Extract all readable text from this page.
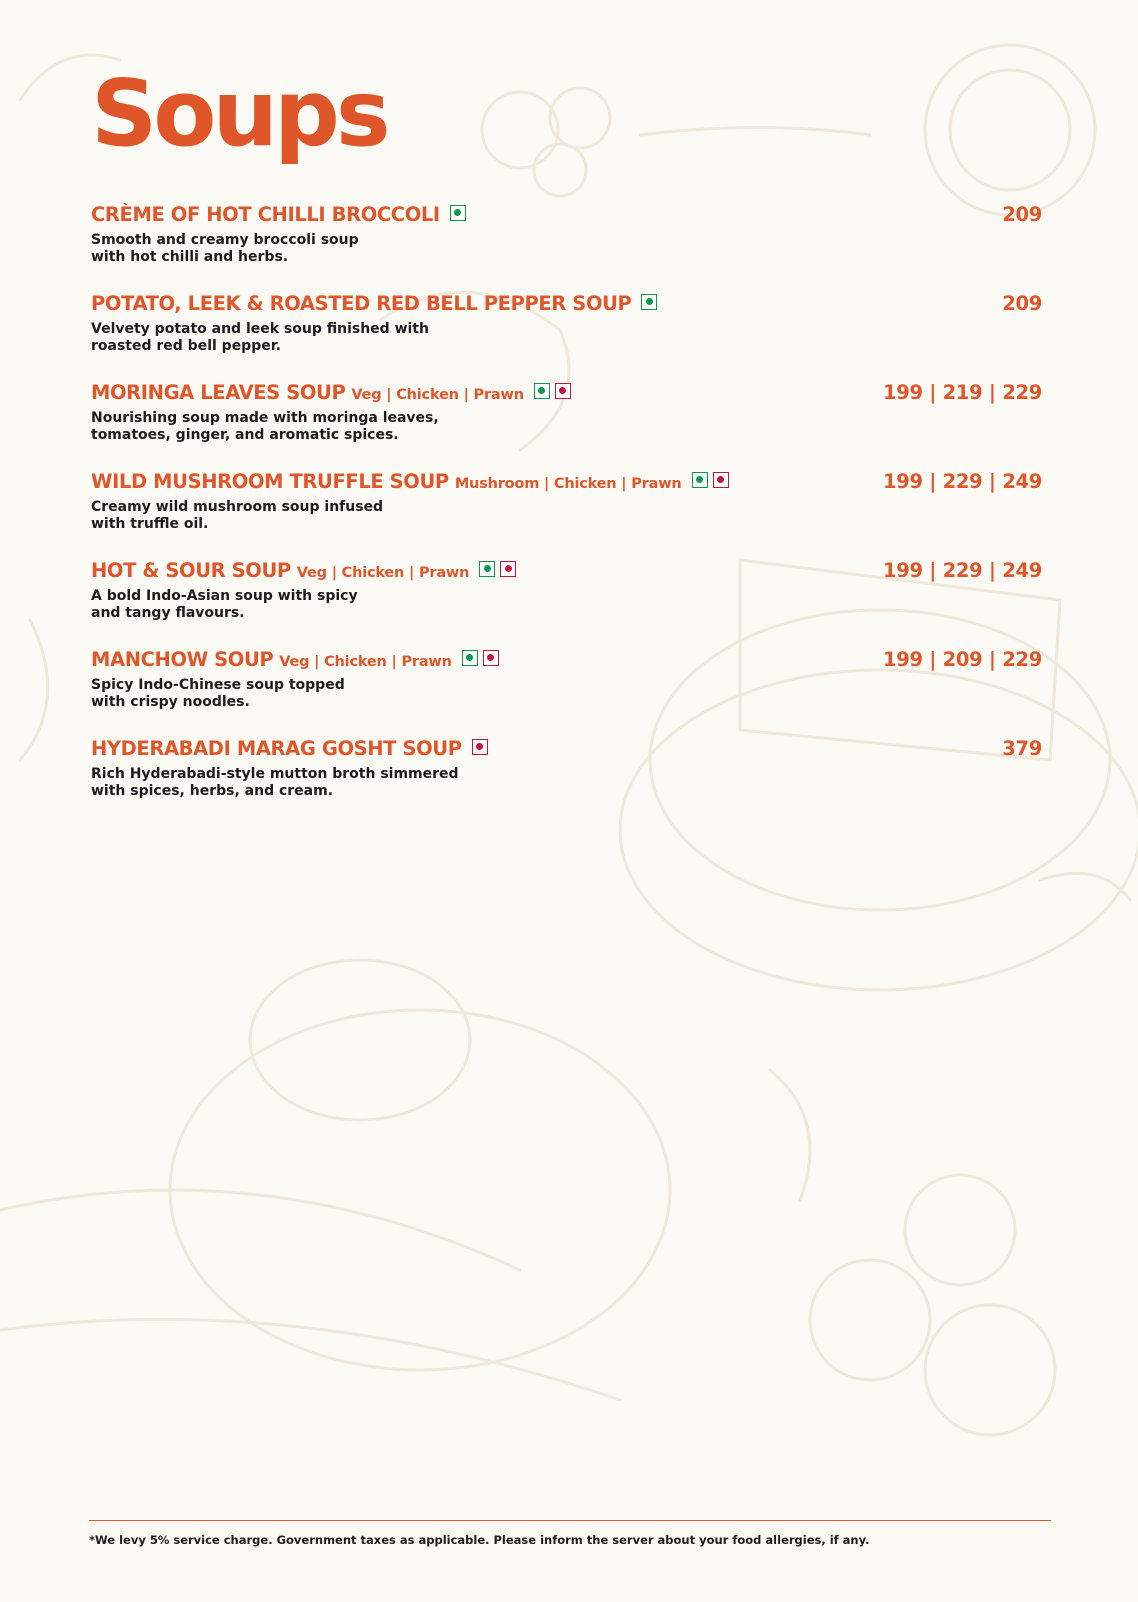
Soups
CRÈME OF HOT CHILLI BROCCOLI
Smooth and creamy broccoli soup
with hot chilli and herbs.
209
POTATO, LEEK & ROASTED RED BELL PEPPER SOUP
Velvety potato and leek soup finished with
roasted red bell pepper.
209
MORINGA LEAVES SOUP Veg | Chicken | Prawn
Nourishing soup made with moringa leaves,
tomatoes, ginger, and aromatic spices.
199 | 219 | 229
WILD MUSHROOM TRUFFLE SOUP Mushroom | Chicken | Prawn
Creamy wild mushroom soup infused
with truffle oil.
199 | 229 | 249
HOT & SOUR SOUP Veg | Chicken | Prawn
A bold Indo-Asian soup with spicy
and tangy flavours.
199 | 229 | 249
MANCHOW SOUP Veg | Chicken | Prawn
Spicy Indo-Chinese soup topped
with crispy noodles.
199 | 209 | 229
HYDERABADI MARAG GOSHT SOUP
Rich Hyderabadi-style mutton broth simmered
with spices, herbs, and cream.
379
*We levy 5% service charge. Government taxes as applicable. Please inform the server about your food allergies, if any.
